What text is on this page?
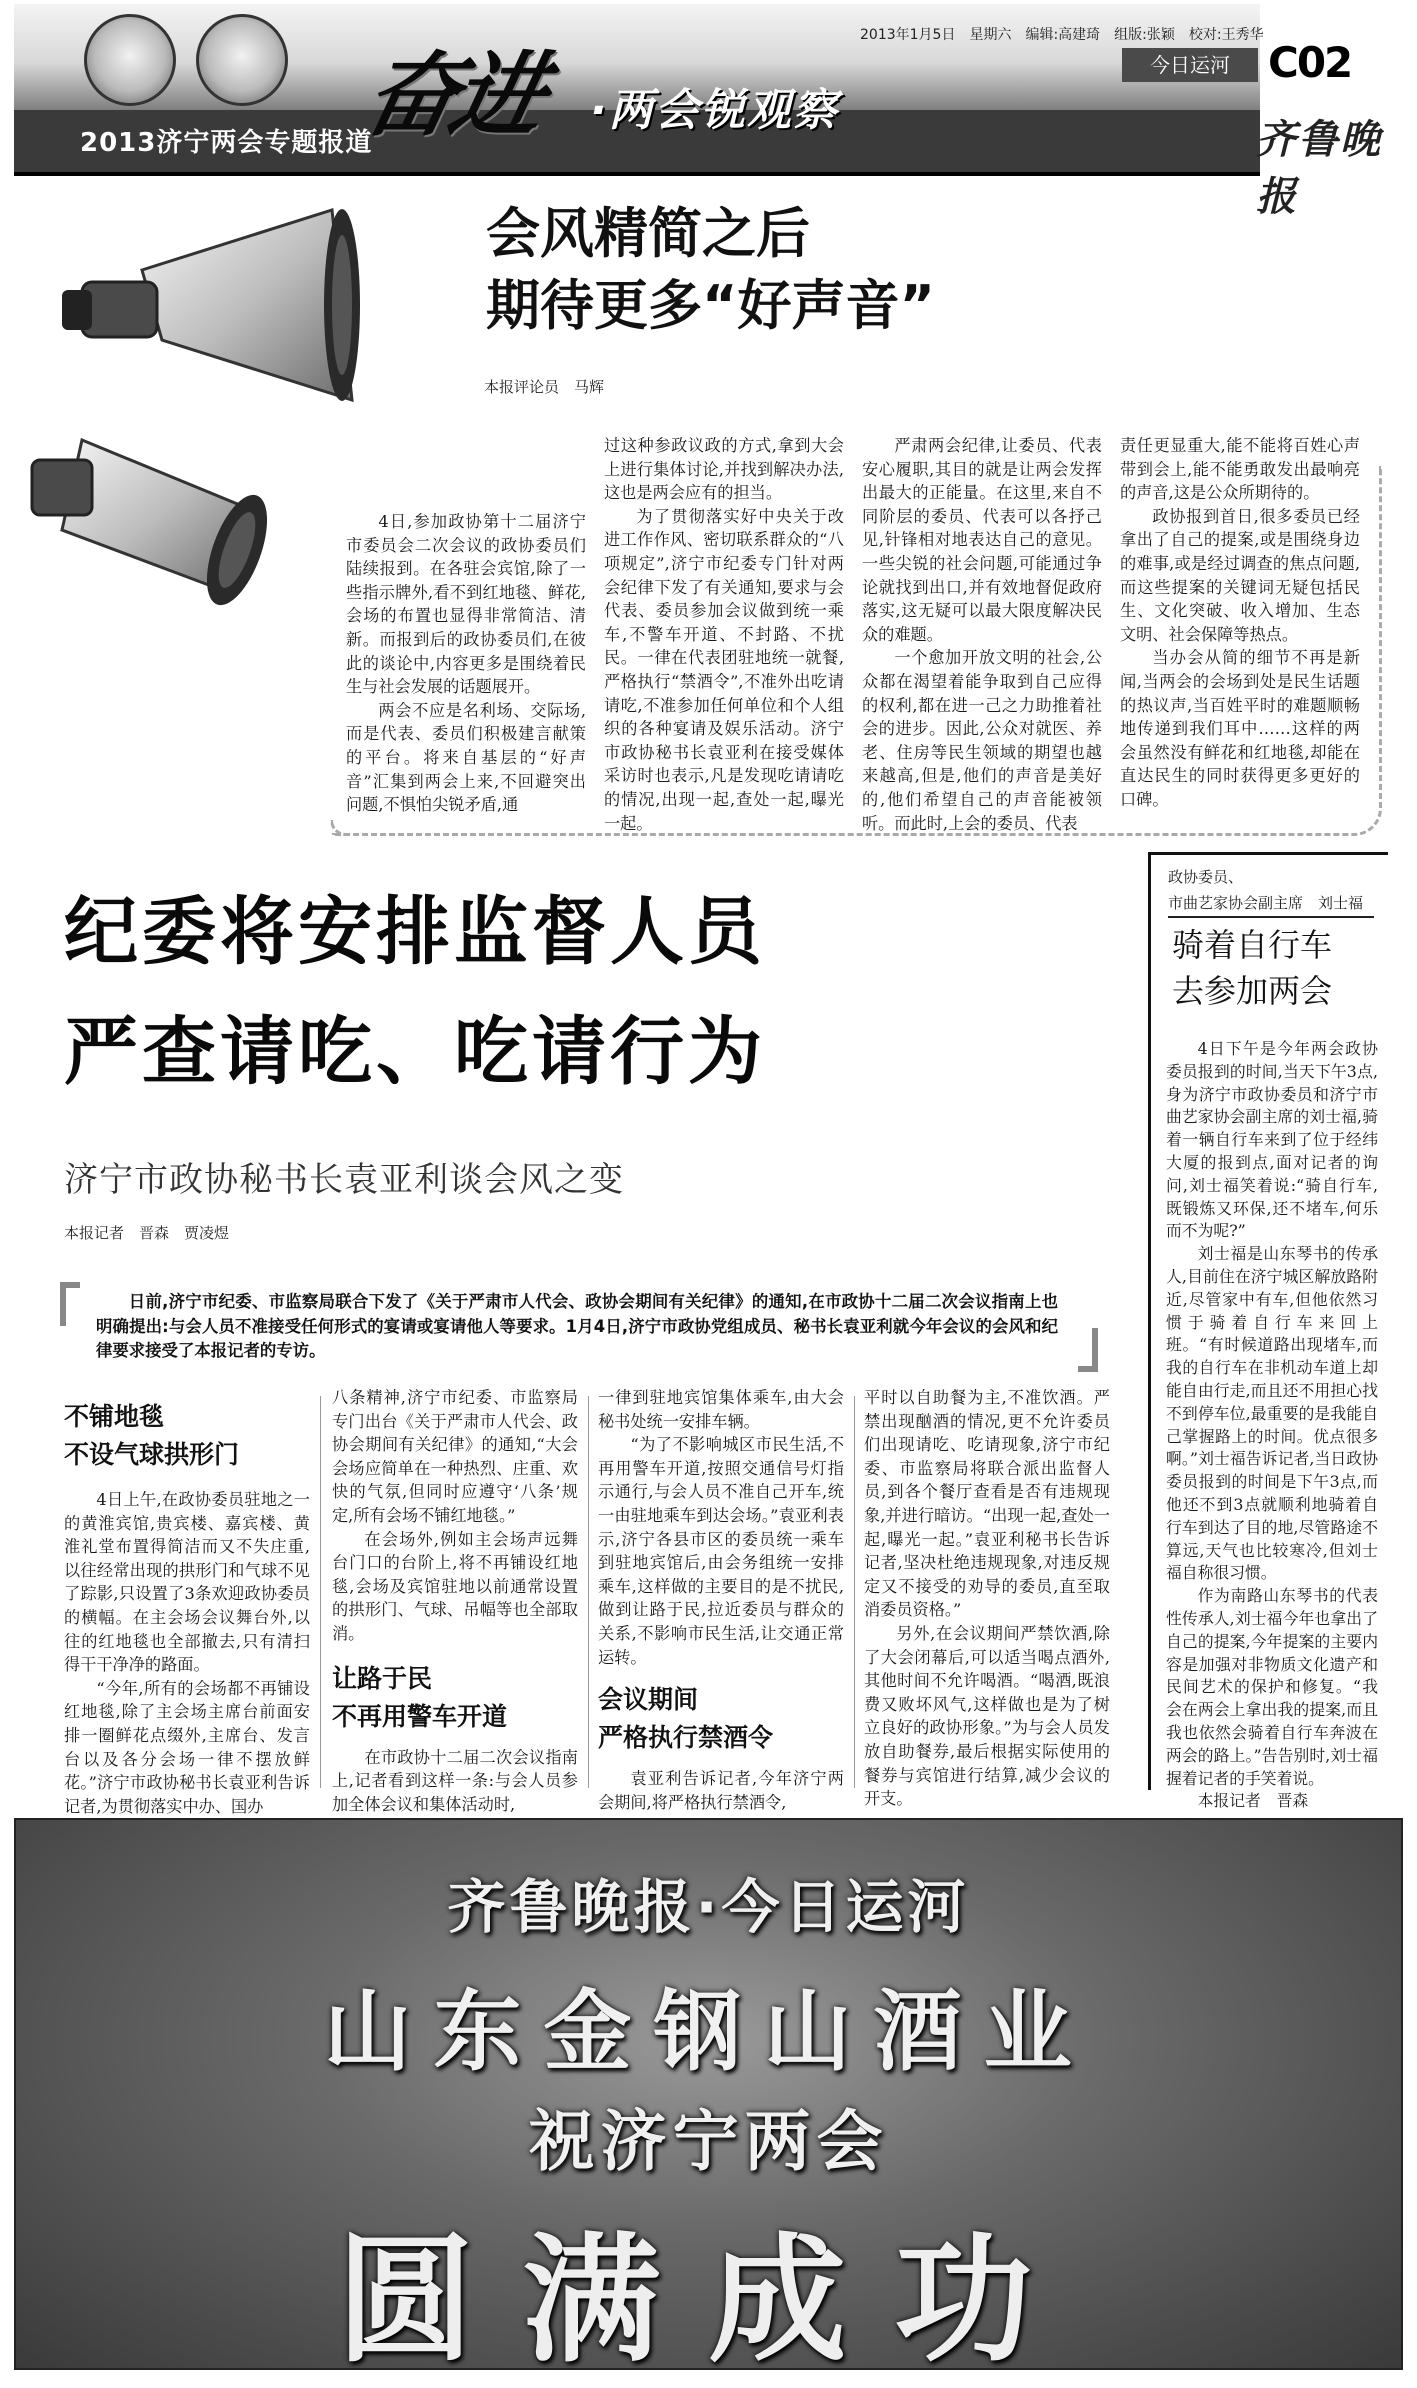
2013济宁两会专题报道
奋进 ·两会锐观察
2013年1月5日　星期六　编辑:高建琦　组版:张颖　校对:王秀华
今日运河 C02
齐鲁晚报
会风精简之后
期待更多“好声音”
本报评论员　马辉

4日,参加政协第十二届济宁市委员会二次会议的政协委员们陆续报到。在各驻会宾馆,除了一些指示牌外,看不到红地毯、鲜花,会场的布置也显得非常简洁、清新。而报到后的政协委员们,在彼此的谈论中,内容更多是围绕着民生与社会发展的话题展开。

两会不应是名利场、交际场,而是代表、委员们积极建言献策的平台。将来自基层的“好声音”汇集到两会上来,不回避突出问题,不惧怕尖锐矛盾,通

过这种参政议政的方式,拿到大会上进行集体讨论,并找到解决办法,这也是两会应有的担当。

为了贯彻落实好中央关于改进工作作风、密切联系群众的“八项规定”,济宁市纪委专门针对两会纪律下发了有关通知,要求与会代表、委员参加会议做到统一乘车,不警车开道、不封路、不扰民。一律在代表团驻地统一就餐,严格执行“禁酒令”,不准外出吃请请吃,不准参加任何单位和个人组织的各种宴请及娱乐活动。济宁市政协秘书长袁亚利在接受媒体采访时也表示,凡是发现吃请请吃的情况,出现一起,查处一起,曝光一起。

严肃两会纪律,让委员、代表安心履职,其目的就是让两会发挥出最大的正能量。在这里,来自不同阶层的委员、代表可以各抒己见,针锋相对地表达自己的意见。一些尖锐的社会问题,可能通过争论就找到出口,并有效地督促政府落实,这无疑可以最大限度解决民众的难题。

一个愈加开放文明的社会,公众都在渴望着能争取到自己应得的权利,都在进一己之力助推着社会的进步。因此,公众对就医、养老、住房等民生领域的期望也越来越高,但是,他们的声音是美好的,他们希望自己的声音能被领听。而此时,上会的委员、代表

责任更显重大,能不能将百姓心声带到会上,能不能勇敢发出最响亮的声音,这是公众所期待的。

政协报到首日,很多委员已经拿出了自己的提案,或是围绕身边的难事,或是经过调查的焦点问题,而这些提案的关键词无疑包括民生、文化突破、收入增加、生态文明、社会保障等热点。

当办会从简的细节不再是新闻,当两会的会场到处是民生话题的热议声,当百姓平时的难题顺畅地传递到我们耳中……这样的两会虽然没有鲜花和红地毯,却能在直达民生的同时获得更多更好的口碑。

纪委将安排监督人员
严查请吃、吃请行为
济宁市政协秘书长袁亚利谈会风之变
本报记者　晋森　贾凌煜
日前,济宁市纪委、市监察局联合下发了《关于严肃市人代会、政协会期间有关纪律》的通知,在市政协十二届二次会议指南上也明确提出:与会人员不准接受任何形式的宴请或宴请他人等要求。1月4日,济宁市政协党组成员、秘书长袁亚利就今年会议的会风和纪律要求接受了本报记者的专访。
不铺地毯
不设气球拱形门

4日上午,在政协委员驻地之一的黄淮宾馆,贵宾楼、嘉宾楼、黄淮礼堂布置得简洁而又不失庄重,以往经常出现的拱形门和气球不见了踪影,只设置了3条欢迎政协委员的横幅。在主会场会议舞台外,以往的红地毯也全部撤去,只有清扫得干干净净的路面。

“今年,所有的会场都不再铺设红地毯,除了主会场主席台前面安排一圈鲜花点缀外,主席台、发言台以及各分会场一律不摆放鲜花。”济宁市政协秘书长袁亚利告诉记者,为贯彻落实中办、国办

八条精神,济宁市纪委、市监察局专门出台《关于严肃市人代会、政协会期间有关纪律》的通知,“大会会场应简单在一种热烈、庄重、欢快的气氛,但同时应遵守‘八条’规定,所有会场不铺红地毯。”

在会场外,例如主会场声远舞台门口的台阶上,将不再铺设红地毯,会场及宾馆驻地以前通常设置的拱形门、气球、吊幅等也全部取消。

让路于民
不再用警车开道

在市政协十二届二次会议指南上,记者看到这样一条:与会人员参加全体会议和集体活动时,

一律到驻地宾馆集体乘车,由大会秘书处统一安排车辆。

“为了不影响城区市民生活,不再用警车开道,按照交通信号灯指示通行,与会人员不准自己开车,统一由驻地乘车到达会场。”袁亚利表示,济宁各县市区的委员统一乘车到驻地宾馆后,由会务组统一安排乘车,这样做的主要目的是不扰民,做到让路于民,拉近委员与群众的关系,不影响市民生活,让交通正常运转。

会议期间
严格执行禁酒令

袁亚利告诉记者,今年济宁两会期间,将严格执行禁酒令,

平时以自助餐为主,不准饮酒。严禁出现酗酒的情况,更不允许委员们出现请吃、吃请现象,济宁市纪委、市监察局将联合派出监督人员,到各个餐厅查看是否有违规现象,并进行暗访。“出现一起,查处一起,曝光一起。”袁亚利秘书长告诉记者,坚决杜绝违规现象,对违反规定又不接受的劝导的委员,直至取消委员资格。”

另外,在会议期间严禁饮酒,除了大会闭幕后,可以适当喝点酒外,其他时间不允许喝酒。“喝酒,既浪费又败坏风气,这样做也是为了树立良好的政协形象。”为与会人员发放自助餐券,最后根据实际使用的餐券与宾馆进行结算,减少会议的开支。

政协委员、
市曲艺家协会副主席　刘士福
骑着自行车
去参加两会

4日下午是今年两会政协委员报到的时间,当天下午3点,身为济宁市政协委员和济宁市曲艺家协会副主席的刘士福,骑着一辆自行车来到了位于经纬大厦的报到点,面对记者的询问,刘士福笑着说:“骑自行车,既锻炼又环保,还不堵车,何乐而不为呢?”

刘士福是山东琴书的传承人,目前住在济宁城区解放路附近,尽管家中有车,但他依然习惯于骑着自行车来回上班。“有时候道路出现堵车,而我的自行车在非机动车道上却能自由行走,而且还不用担心找不到停车位,最重要的是我能自己掌握路上的时间。优点很多啊。”刘士福告诉记者,当日政协委员报到的时间是下午3点,而他还不到3点就顺利地骑着自行车到达了目的地,尽管路途不算远,天气也比较寒冷,但刘士福自称很习惯。

作为南路山东琴书的代表性传承人,刘士福今年也拿出了自己的提案,今年提案的主要内容是加强对非物质文化遗产和民间艺术的保护和修复。“我会在两会上拿出我的提案,而且我也依然会骑着自行车奔波在两会的路上。”告告别时,刘士福握着记者的手笑着说。

本报记者　晋森

齐鲁晚报·今日运河
山东金钢山酒业
祝济宁两会
圆满成功
